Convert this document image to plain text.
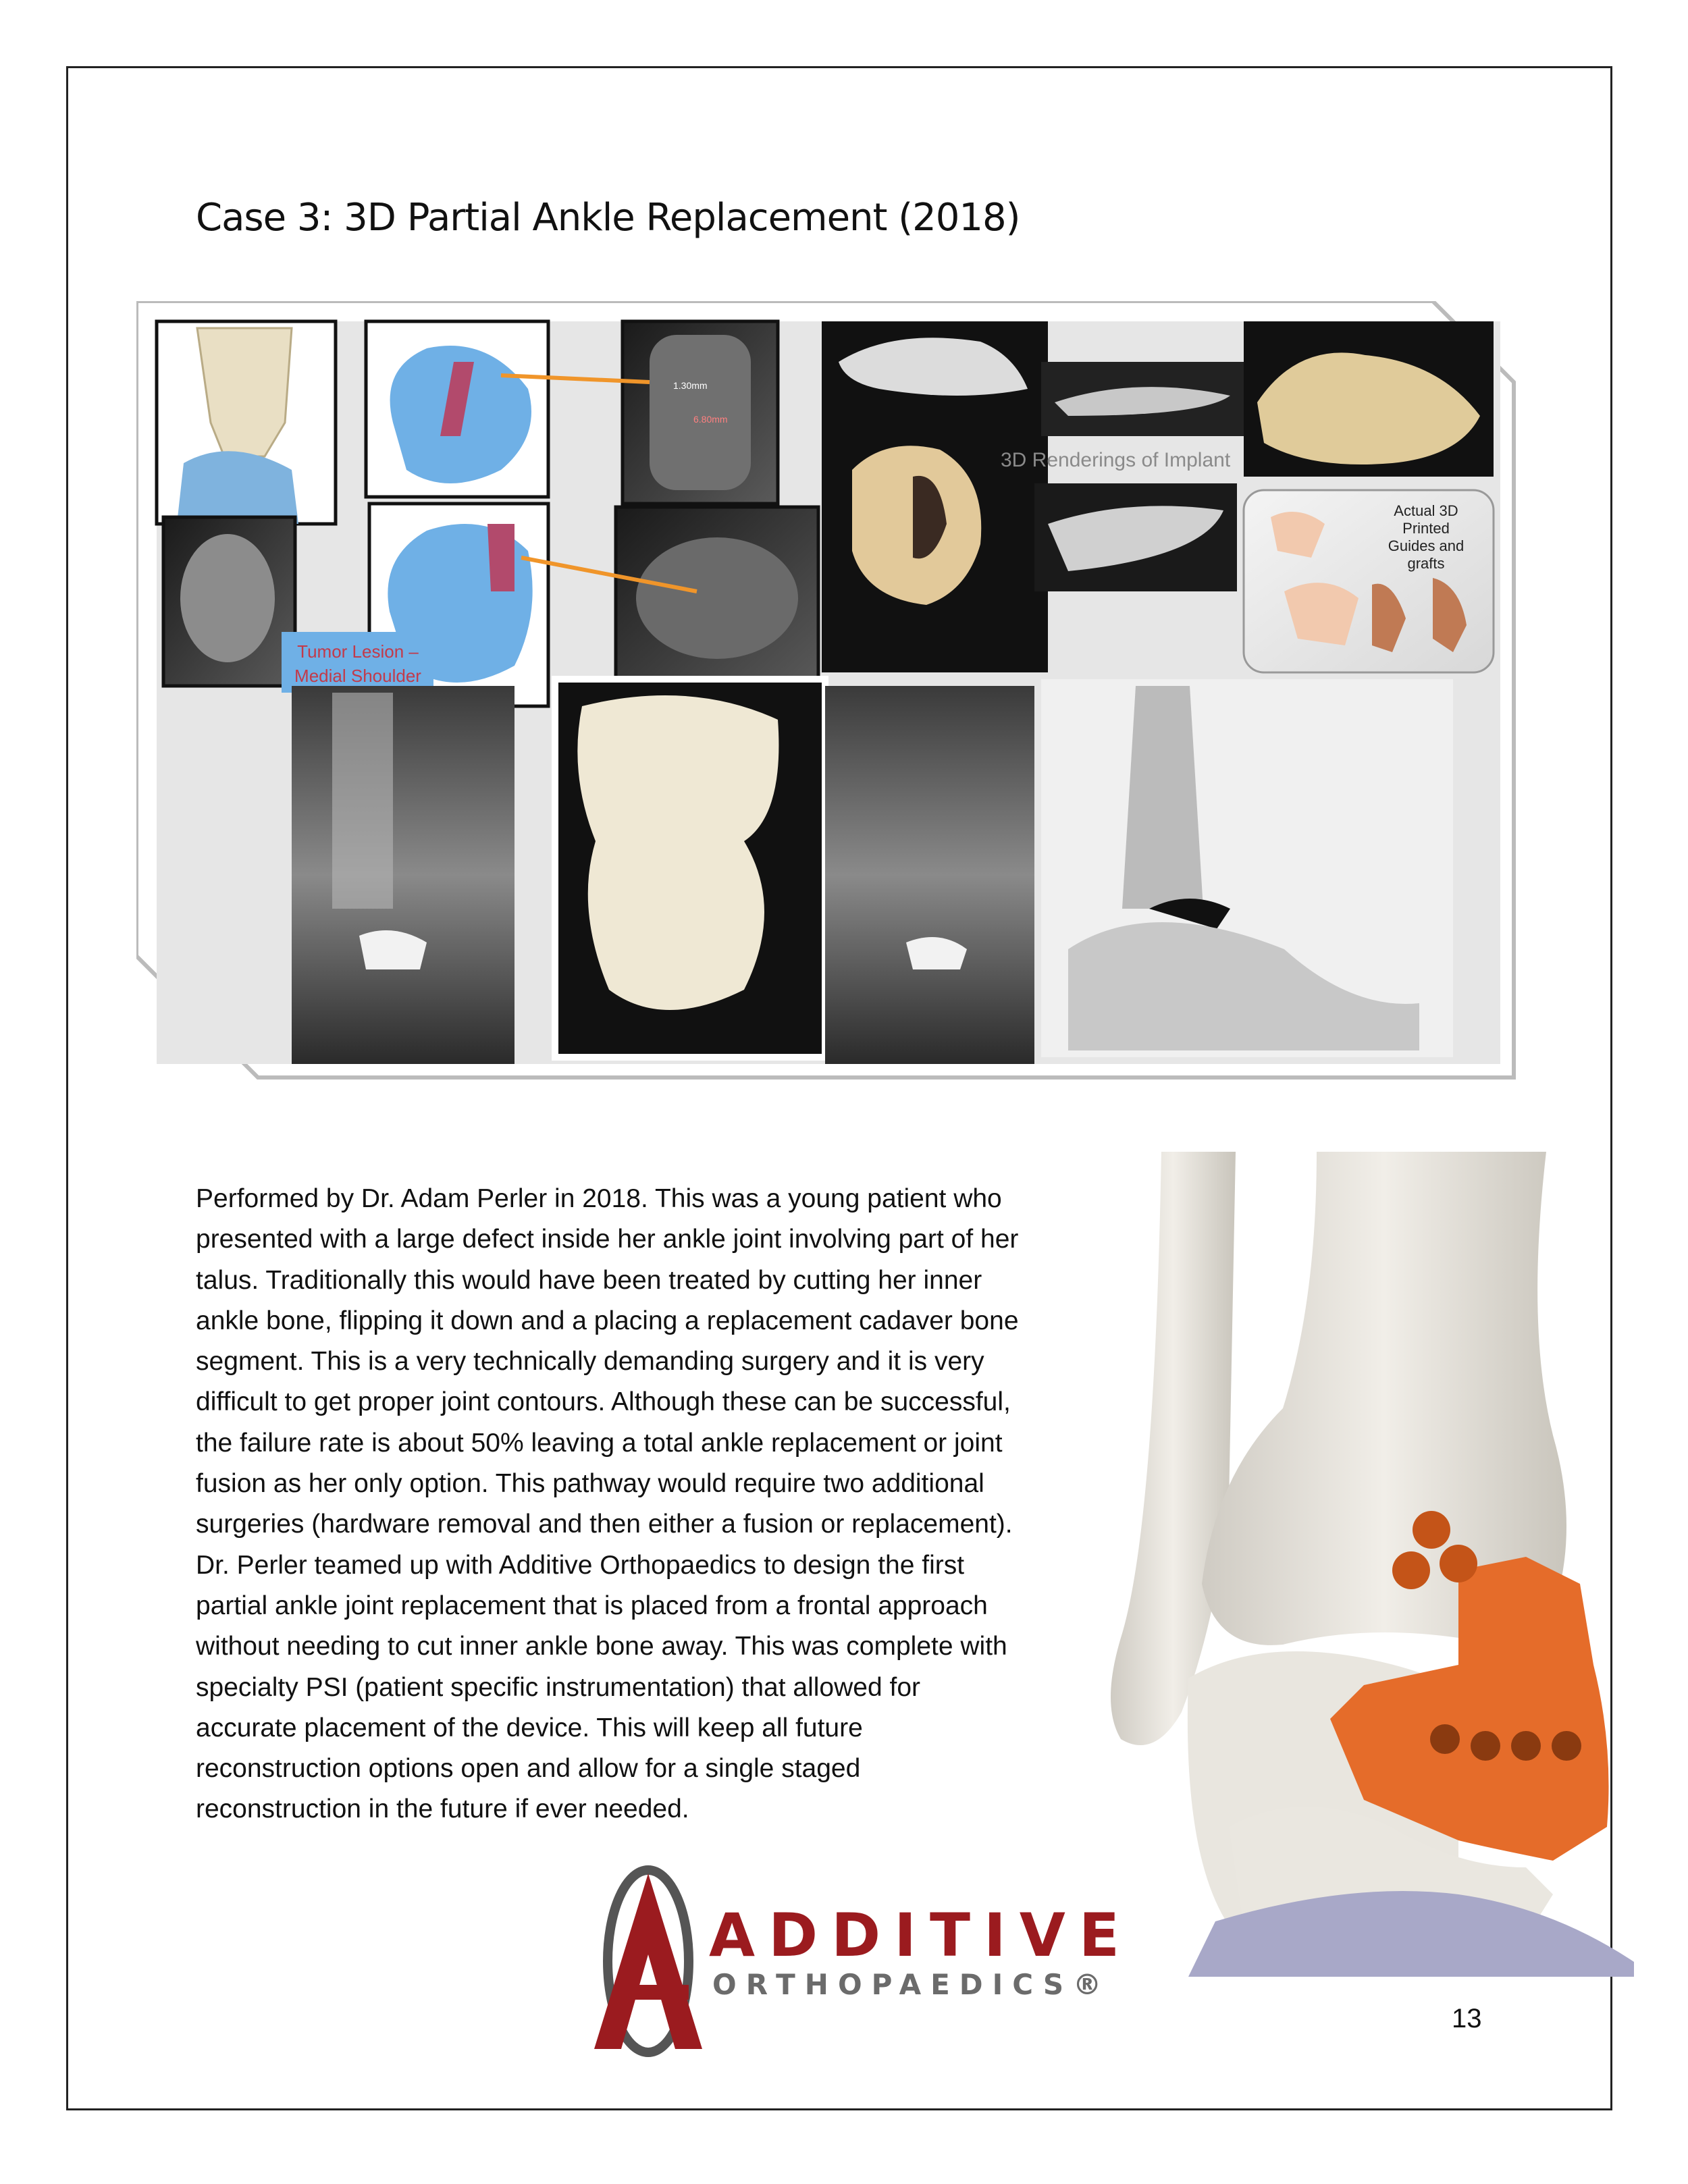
Case 3: 3D Partial Ankle Replacement (2018)
Tumor Lesion –
Medial Shoulder
1.30mm
6.80mm
3D Renderings of Implant
Actual 3D
Printed
Guides and
grafts
Performed by Dr. Adam Perler in 2018. This was a young patient who
presented with a large defect inside her ankle joint involving part of her
talus. Traditionally this would have been treated by cutting her inner
ankle bone, flipping it down and a placing a replacement cadaver bone
segment. This is a very technically demanding surgery and it is very
difficult to get proper joint contours. Although these can be successful,
the failure rate is about 50% leaving a total ankle replacement or joint
fusion as her only option. This pathway would require two additional
surgeries (hardware removal and then either a fusion or replacement).
Dr. Perler teamed up with Additive Orthopaedics to design the first
partial ankle joint replacement that is placed from a frontal approach
without needing to cut inner ankle bone away. This was complete with
specialty PSI (patient specific instrumentation) that allowed for
accurate placement of the device. This will keep all future
reconstruction options open and allow for a single staged
reconstruction in the future if ever needed.
ADDITIVE
ORTHOPAEDICS®
13
